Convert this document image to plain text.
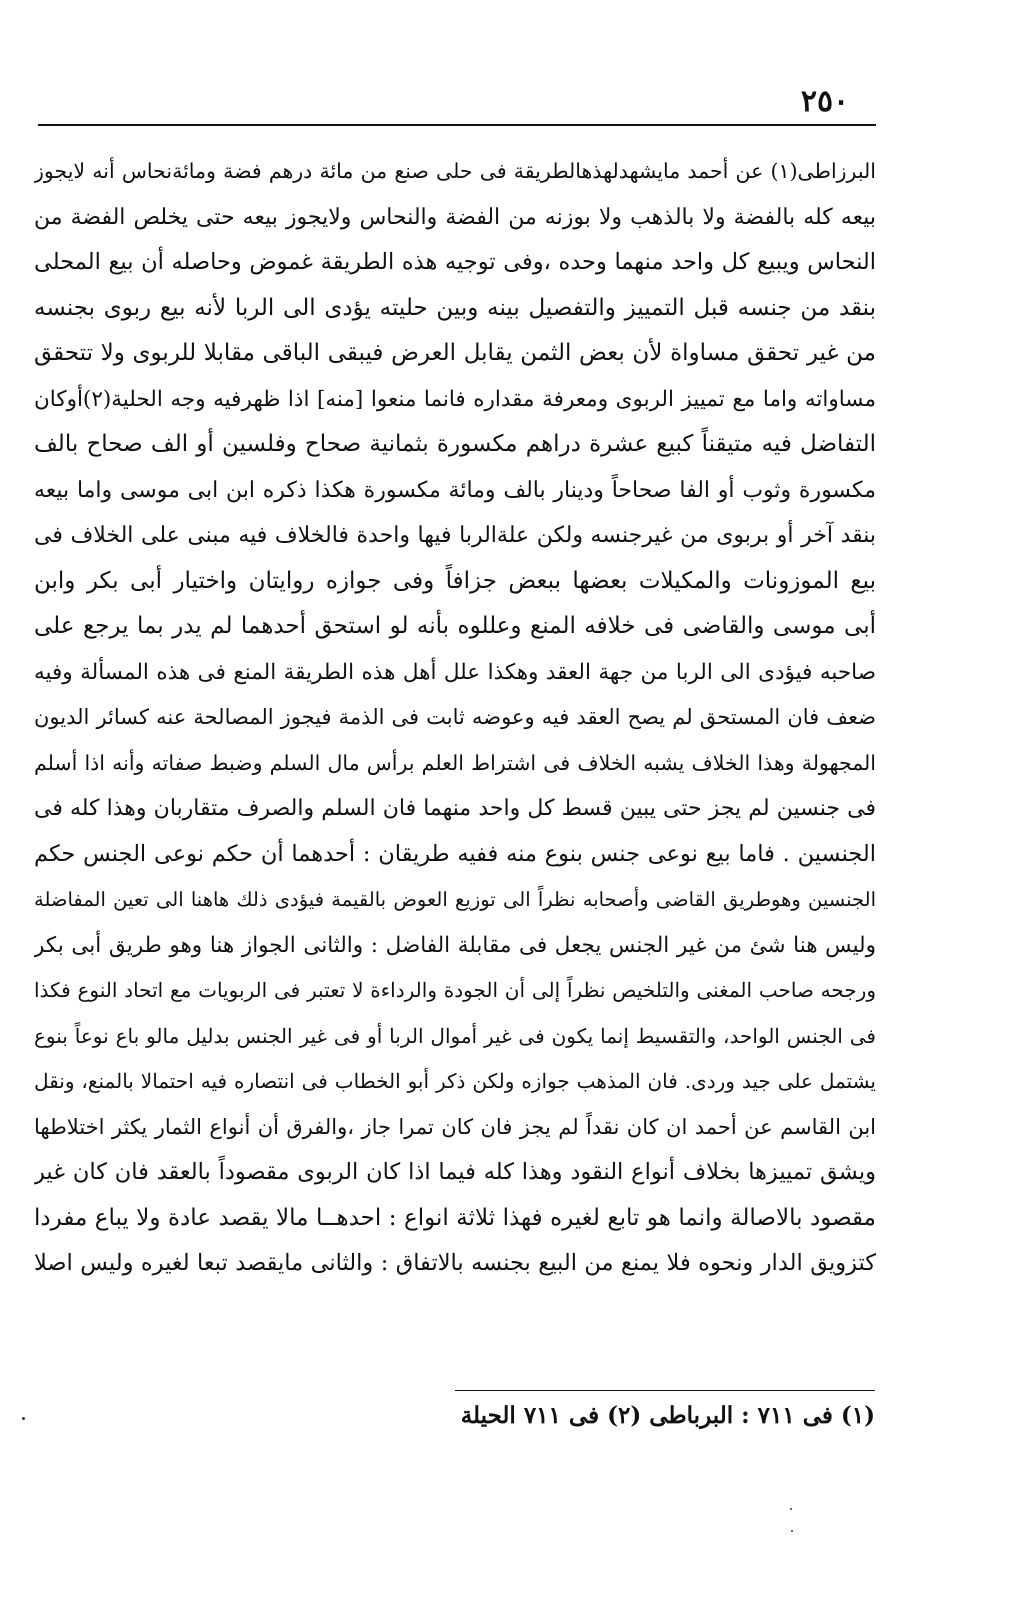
٢٥٠
البرزاطى(١) عن أحمد مايشهدلهذهالطريقة فى حلى صنع من مائة درهم فضة ومائةنحاس أنه لايجوز
بيعه كله بالفضة ولا بالذهب ولا بوزنه من الفضة والنحاس ولايجوز بيعه حتى يخلص الفضة من
النحاس ويبيع كل واحد منهما وحده ،وفى توجيه هذه الطريقة غموض وحاصله أن بيع المحلى
بنقد من جنسه قبل التمييز والتفصيل بينه وبين حليته يؤدى الى الربا لأنه بيع ربوى بجنسه
من غير تحقق مساواة لأن بعض الثمن يقابل العرض فيبقى الباقى مقابلا للربوى ولا تتحقق
مساواته واما مع تمييز الربوى ومعرفة مقداره فانما منعوا [منه] اذا ظهرفيه وجه الحلية(٢)أوكان
التفاضل فيه متيقناً كبيع عشرة دراهم مكسورة بثمانية صحاح وفلسين أو الف صحاح بالف
مكسورة وثوب أو الفا صحاحاً ودينار بالف ومائة مكسورة هكذا ذكره ابن ابى موسى واما بيعه
بنقد آخر أو بربوى من غيرجنسه ولكن علةالربا فيها واحدة فالخلاف فيه مبنى على الخلاف فى
بيع الموزونات والمكيلات بعضها ببعض جزافاً وفى جوازه روايتان واختيار أبى بكر وابن
أبى موسى والقاضى فى خلافه المنع وعللوه بأنه لو استحق أحدهما لم يدر بما يرجع على
صاحبه فيؤدى الى الربا من جهة العقد وهكذا علل أهل هذه الطريقة المنع فى هذه المسألة وفيه
ضعف فان المستحق لم يصح العقد فيه وعوضه ثابت فى الذمة فيجوز المصالحة عنه كسائر الديون
المجهولة وهذا الخلاف يشبه الخلاف فى اشتراط العلم برأس مال السلم وضبط صفاته وأنه اذا أسلم
فى جنسين لم يجز حتى يبين قسط كل واحد منهما فان السلم والصرف متقاربان وهذا كله فى
الجنسين . فاما بيع نوعى جنس بنوع منه ففيه طريقان : أحدهما أن حكم نوعى الجنس حكم
الجنسين وهوطريق القاضى وأصحابه نظراً الى توزيع العوض بالقيمة فيؤدى ذلك هاهنا الى تعين المفاضلة
وليس هنا شئ من غير الجنس يجعل فى مقابلة الفاضل : والثانى الجواز هنا وهو طريق أبى بكر
ورجحه صاحب المغنى والتلخيص نظراً إلى أن الجودة والرداءة لا تعتبر فى الربويات مع اتحاد النوع فكذا
فى الجنس الواحد، والتقسيط إنما يكون فى غير أموال الربا أو فى غير الجنس بدليل مالو باع نوعاً بنوع
يشتمل على جيد وردى. فان المذهب جوازه ولكن ذكر أبو الخطاب فى انتصاره فيه احتمالا بالمنع، ونقل
ابن القاسم عن أحمد ان كان نقداً لم يجز فان كان تمرا جاز ،والفرق أن أنواع الثمار يكثر اختلاطها
ويشق تمييزها بخلاف أنواع النقود وهذا كله فيما اذا كان الربوى مقصوداً بالعقد فان كان غير
مقصود بالاصالة وانما هو تابع لغيره فهذا ثلاثة انواع : احدهــا مالا يقصد عادة ولا يباع مفردا
كتزويق الدار ونحوه فلا يمنع من البيع بجنسه بالاتفاق : والثانى مايقصد تبعا لغيره وليس اصلا
(١) فى ٧١١ : البرباطى (٢) فى ٧١١ الحيلة
